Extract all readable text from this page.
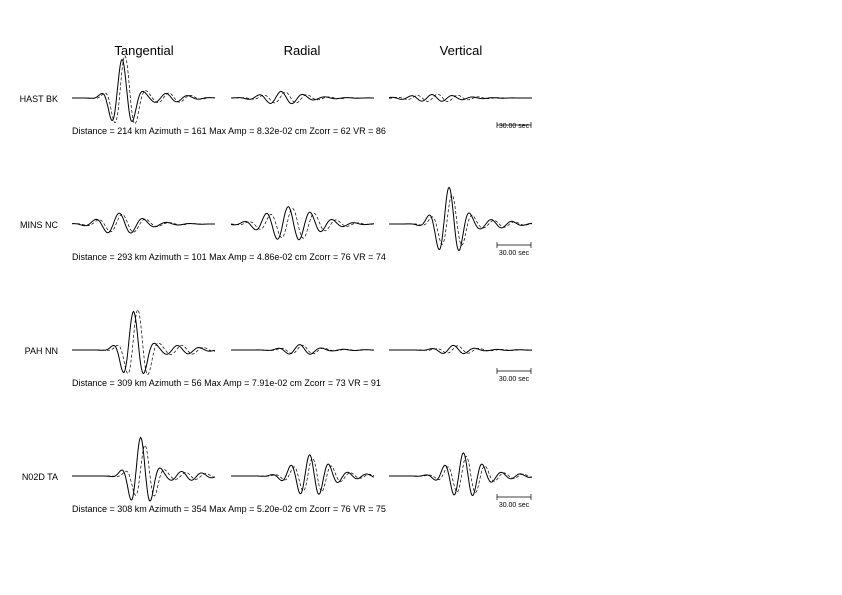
Tangential	Radial	Vertical
HAST BK
Distance = 214 km Azimuth = 161 Max Amp = 8.32e-02 cm Zcorr = 62 VR = 86	30.00 sec
MINS NC
Distance = 293 km Azimuth = 101 Max Amp = 4.86e-02 cm Zcorr = 76 VR = 74	30.00 sec
PAH NN
Distance = 309 km Azimuth = 56 Max Amp = 7.91e-02 cm Zcorr = 73 VR = 91	30.00 sec
N02D TA
Distance = 308 km Azimuth = 354 Max Amp = 5.20e-02 cm Zcorr = 76 VR = 75	30.00 sec
